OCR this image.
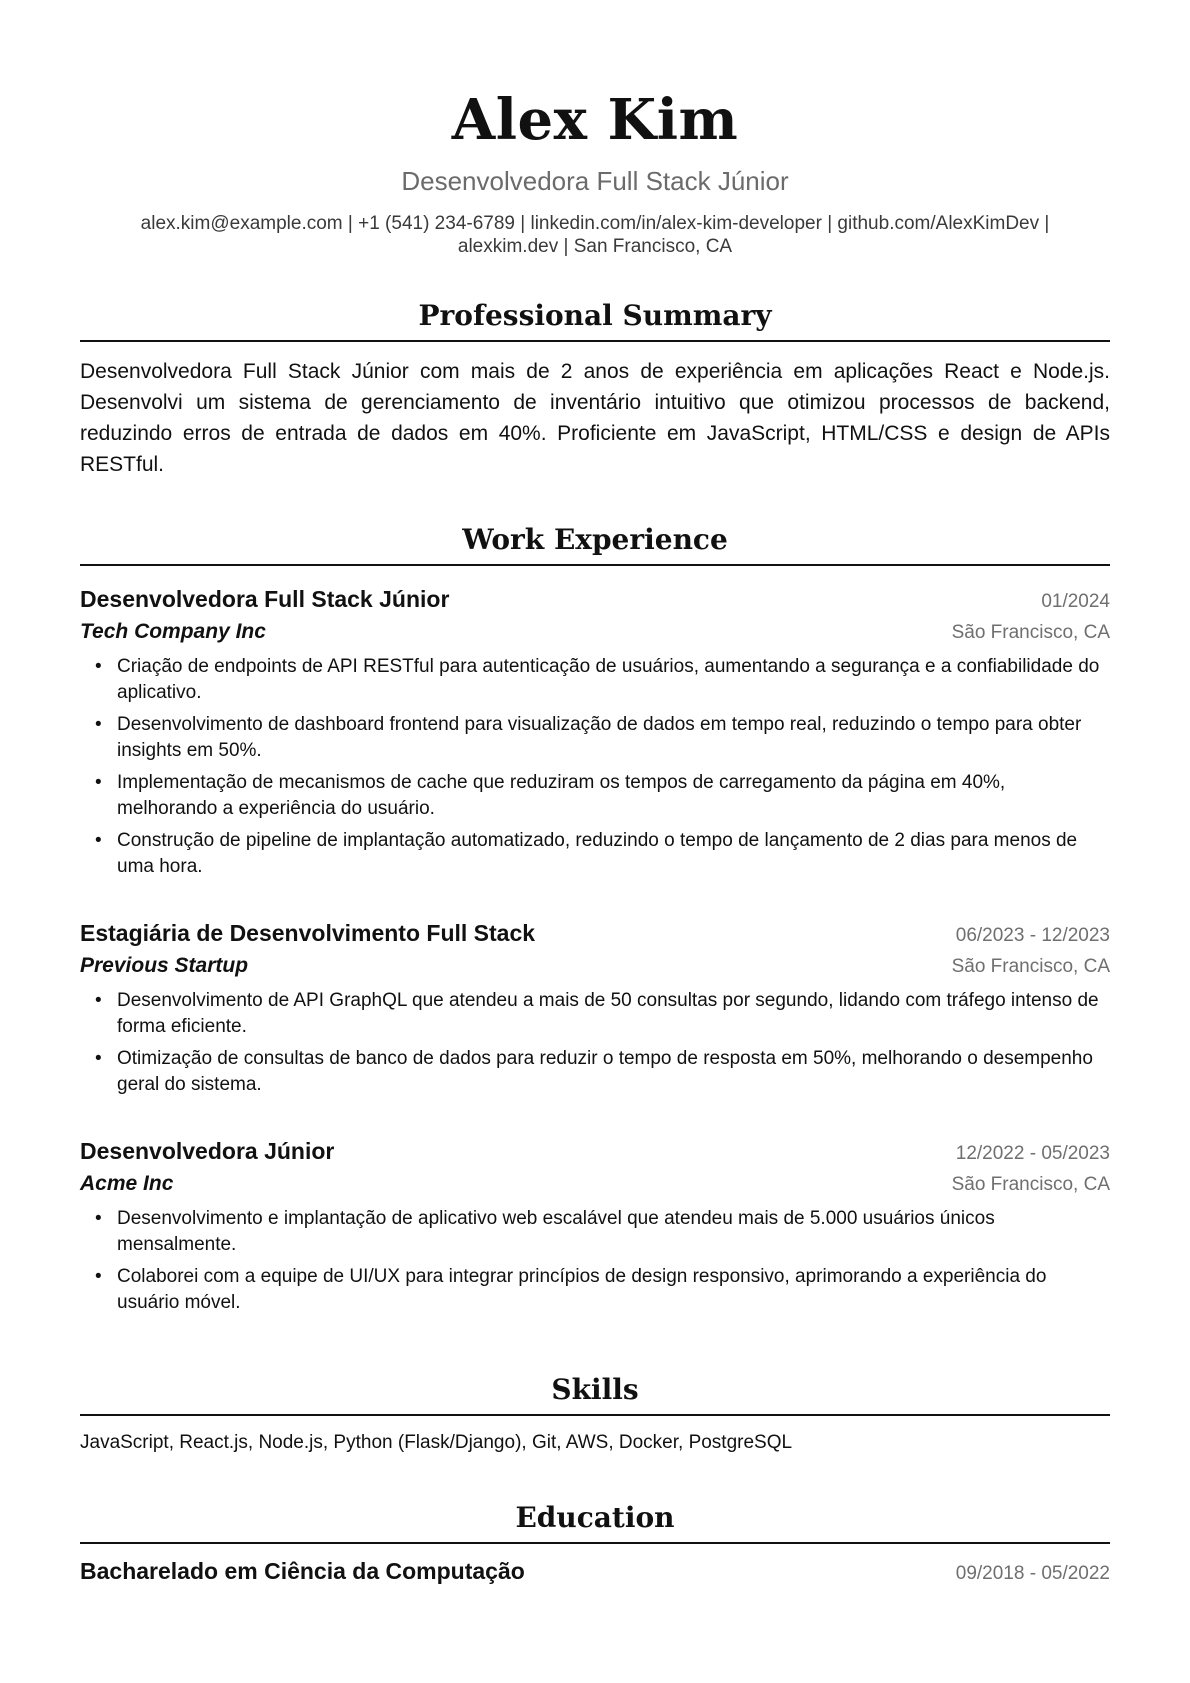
Alex Kim

Desenvolvedora Full Stack Júnior

alex.kim@example.com | +1 (541) 234-6789 | linkedin.com/in/alex-kim-developer | github.com/AlexKimDev |
alexkim.dev | San Francisco, CA
Professional Summary

Desenvolvedora Full Stack Júnior com mais de 2 anos de experiência em aplicações React e Node.js. Desenvolvi um sistema de gerenciamento de inventário intuitivo que otimizou processos de backend, reduzindo erros de entrada de dados em 40%. Proficiente em JavaScript, HTML/CSS e design de APIs RESTful.

Work Experience
Desenvolvedora Full Stack Júnior	01/2024
Tech Company Inc	São Francisco, CA
• Criação de endpoints de API RESTful para autenticação de usuários, aumentando a segurança e a confiabilidade do aplicativo.
• Desenvolvimento de dashboard frontend para visualização de dados em tempo real, reduzindo o tempo para obter insights em 50%.
• Implementação de mecanismos de cache que reduziram os tempos de carregamento da página em 40%, melhorando a experiência do usuário.
• Construção de pipeline de implantação automatizado, reduzindo o tempo de lançamento de 2 dias para menos de uma hora.
Estagiária de Desenvolvimento Full Stack	06/2023 - 12/2023
Previous Startup	São Francisco, CA
• Desenvolvimento de API GraphQL que atendeu a mais de 50 consultas por segundo, lidando com tráfego intenso de forma eficiente.
• Otimização de consultas de banco de dados para reduzir o tempo de resposta em 50%, melhorando o desempenho geral do sistema.
Desenvolvedora Júnior	12/2022 - 05/2023
Acme Inc	São Francisco, CA
• Desenvolvimento e implantação de aplicativo web escalável que atendeu mais de 5.000 usuários únicos mensalmente.
• Colaborei com a equipe de UI/UX para integrar princípios de design responsivo, aprimorando a experiência do usuário móvel.
Skills
JavaScript, React.js, Node.js, Python (Flask/Django), Git, AWS, Docker, PostgreSQL
Education
Bacharelado em Ciência da Computação	09/2018 - 05/2022
